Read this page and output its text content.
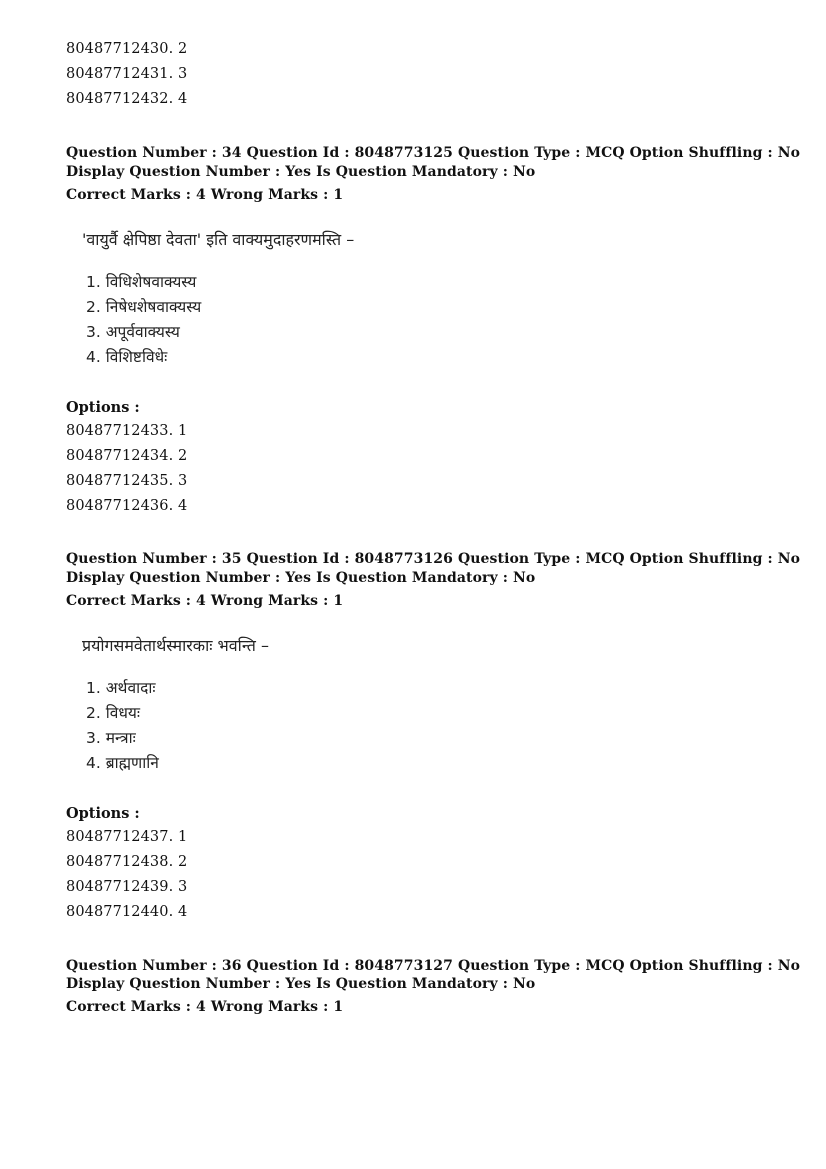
80487712430. 2
80487712431. 3
80487712432. 4
Question Number : 34 Question Id : 8048773125 Question Type : MCQ Option Shuffling : No
Display Question Number : Yes Is Question Mandatory : No
Correct Marks : 4 Wrong Marks : 1
'वायुर्वै क्षेपिष्ठा देवता' इति वाक्यमुदाहरणमस्ति –
1. विधिशेषवाक्यस्य
2. निषेधशेषवाक्यस्य
3. अपूर्ववाक्यस्य
4. विशिष्टविधेः
Options :
80487712433. 1
80487712434. 2
80487712435. 3
80487712436. 4
Question Number : 35 Question Id : 8048773126 Question Type : MCQ Option Shuffling : No
Display Question Number : Yes Is Question Mandatory : No
Correct Marks : 4 Wrong Marks : 1
प्रयोगसमवेतार्थस्मारकाः भवन्ति –
1. अर्थवादाः
2. विधयः
3. मन्त्राः
4. ब्राह्मणानि
Options :
80487712437. 1
80487712438. 2
80487712439. 3
80487712440. 4
Question Number : 36 Question Id : 8048773127 Question Type : MCQ Option Shuffling : No
Display Question Number : Yes Is Question Mandatory : No
Correct Marks : 4 Wrong Marks : 1
